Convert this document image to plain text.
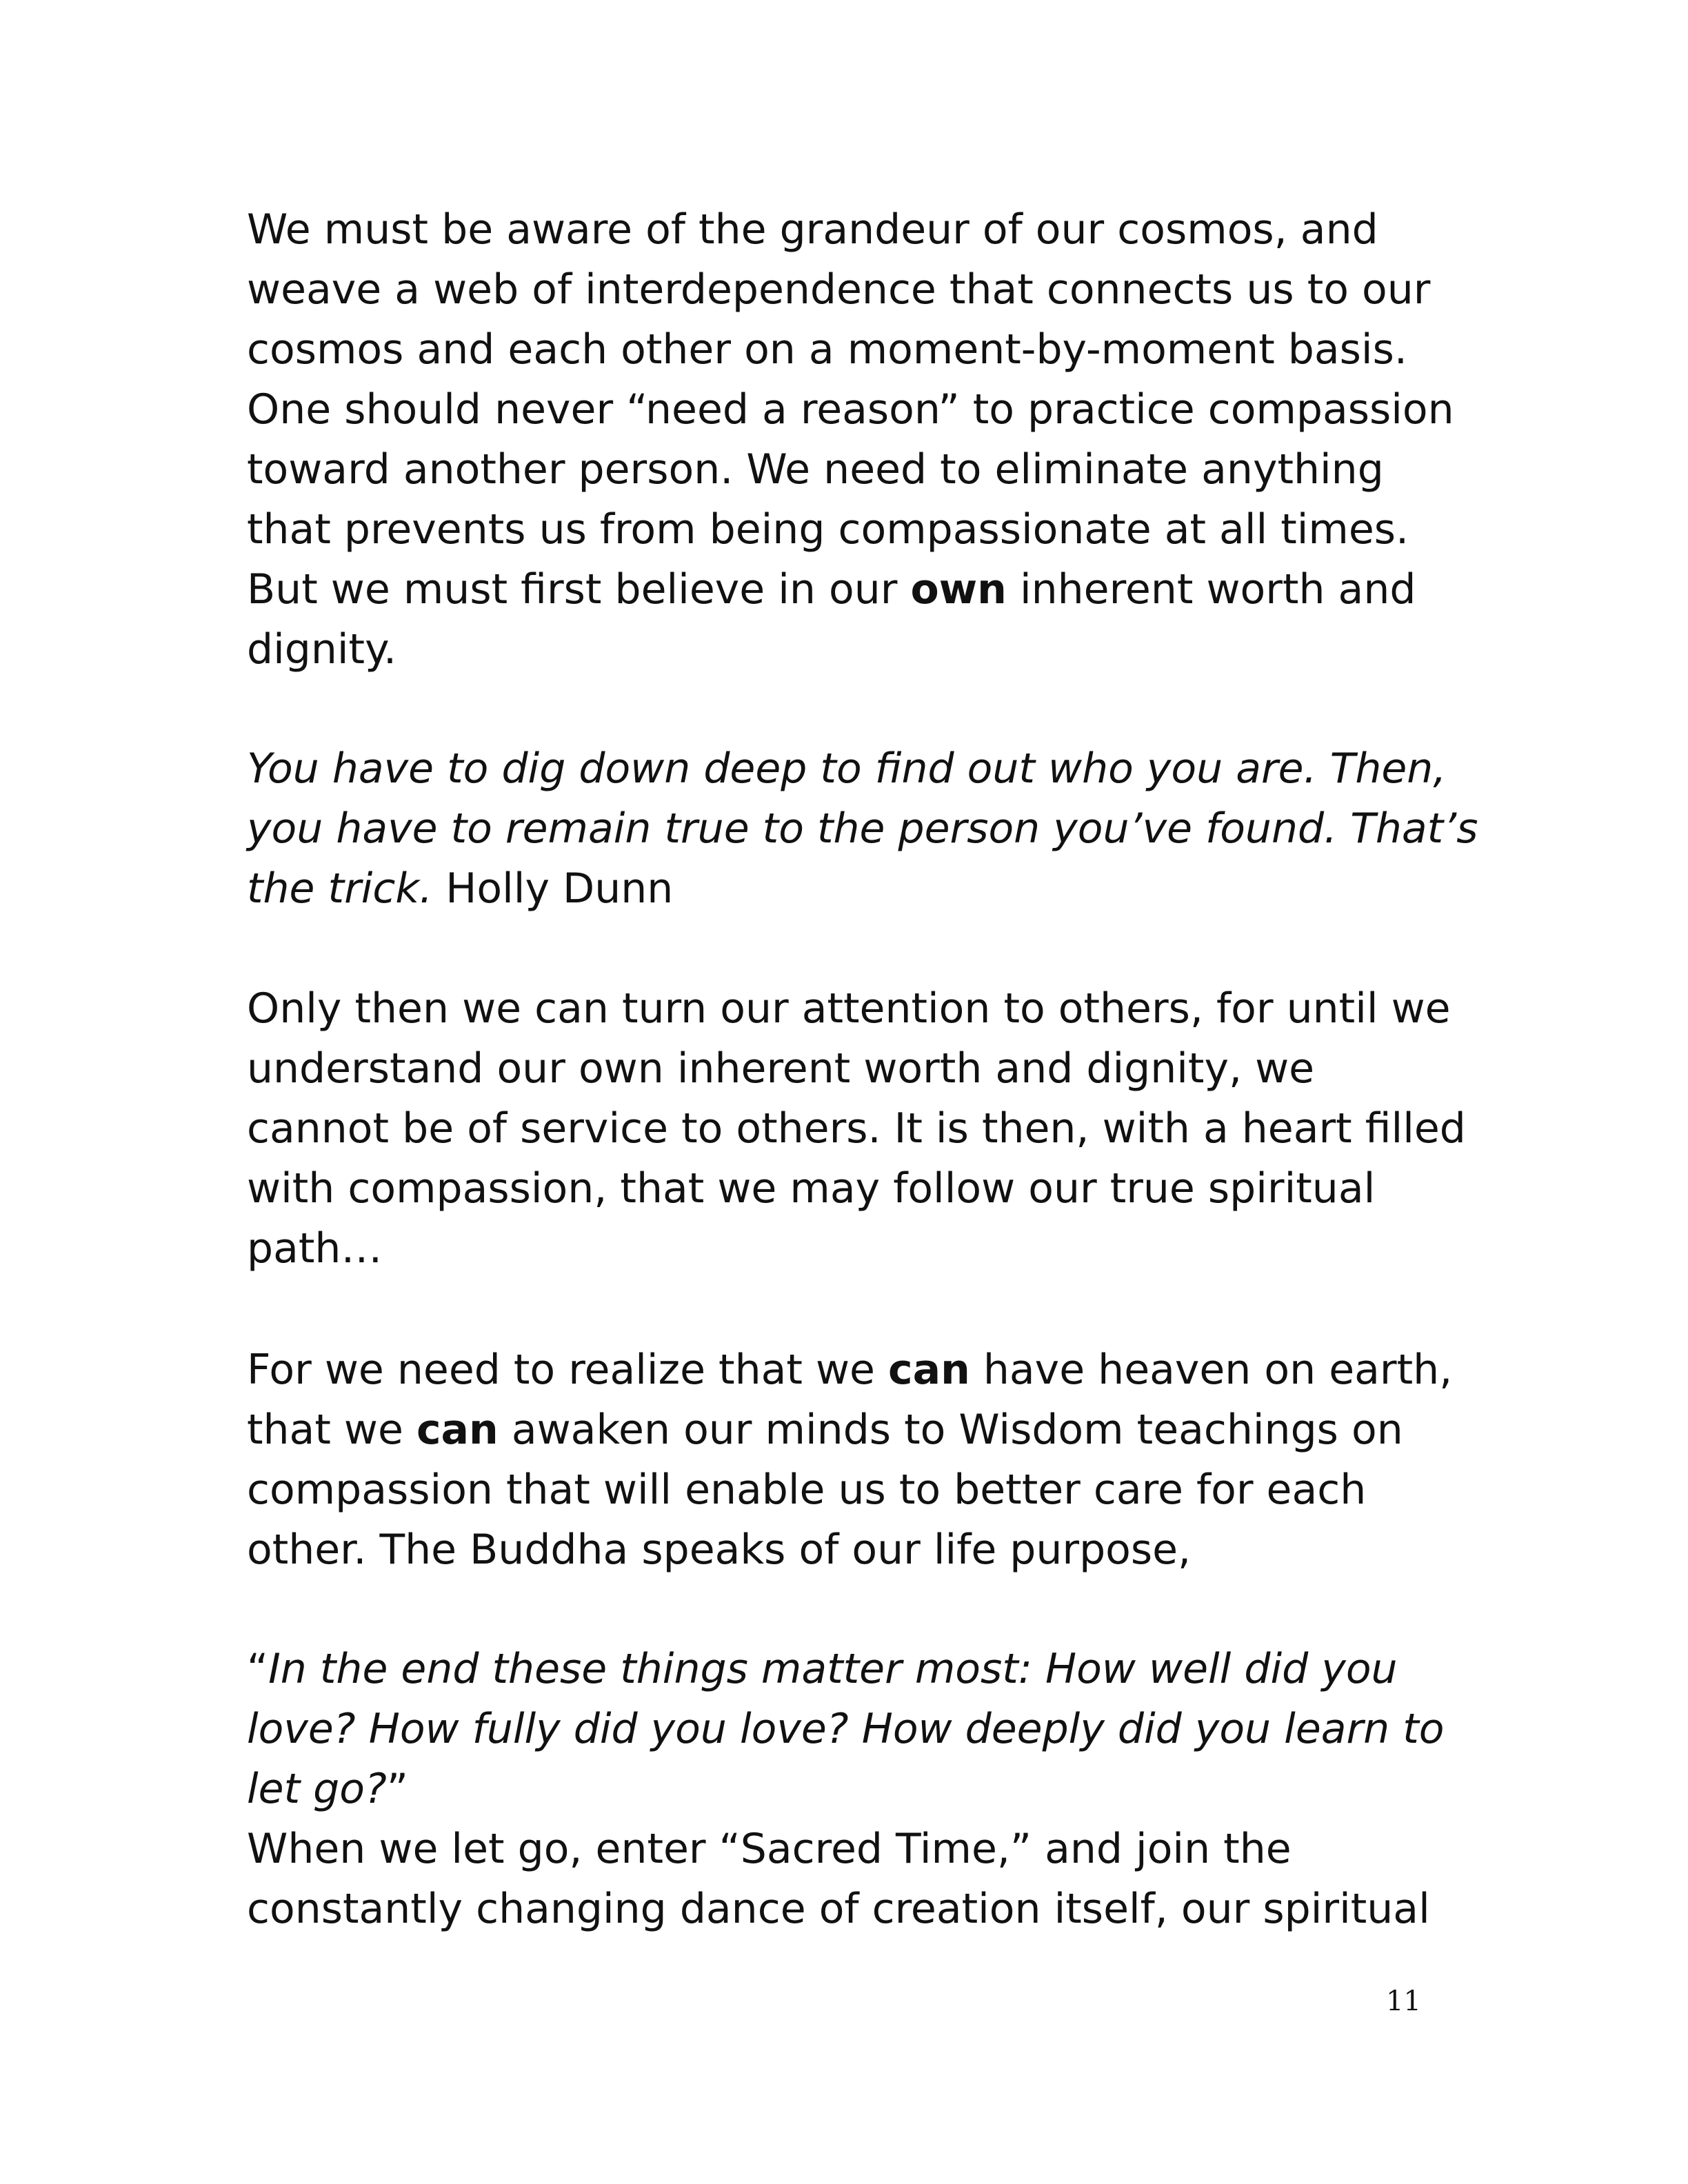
We must be aware of the grandeur of our cosmos, and
weave a web of interdependence that connects us to our
cosmos and each other on a moment-by-moment basis.
One should never “need a reason” to practice compassion
toward another person. We need to eliminate anything
that prevents us from being compassionate at all times.
But we must first believe in our own inherent worth and
dignity.
You have to dig down deep to find out who you are. Then,
you have to remain true to the person you’ve found. That’s
the trick. Holly Dunn
Only then we can turn our attention to others, for until we
understand our own inherent worth and dignity, we
cannot be of service to others. It is then, with a heart filled
with compassion, that we may follow our true spiritual
path…
For we need to realize that we can have heaven on earth,
that we can awaken our minds to Wisdom teachings on
compassion that will enable us to better care for each
other. The Buddha speaks of our life purpose,
“In the end these things matter most: How well did you
love? How fully did you love? How deeply did you learn to
let go?”
When we let go, enter “Sacred Time,” and join the
constantly changing dance of creation itself, our spiritual
11
